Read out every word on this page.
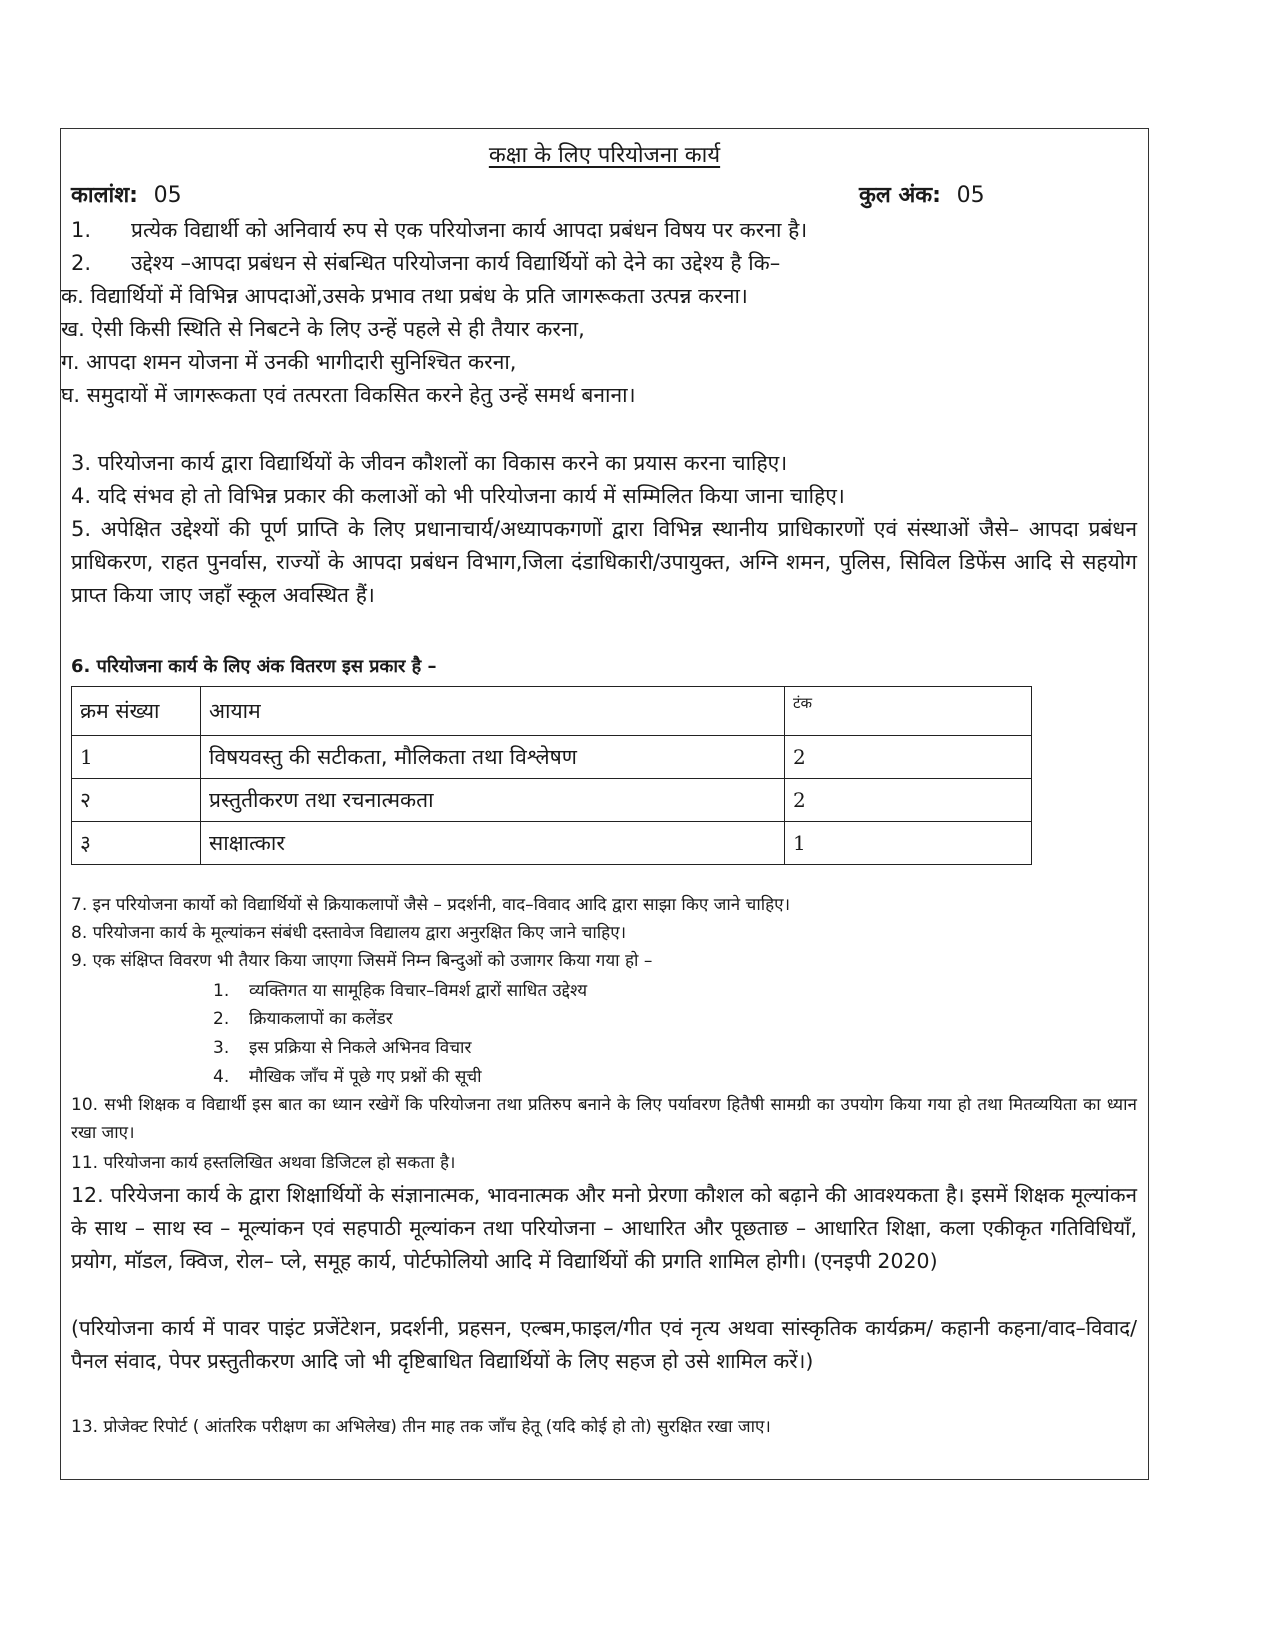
कक्षा के लिए परियोजना कार्य
कालांश: 05	कुल अंक: 05
1. प्रत्येक विद्यार्थी को अनिवार्य रुप से एक परियोजना कार्य आपदा प्रबंधन विषय पर करना है।
2. उद्देश्य –आपदा प्रबंधन से संबन्धित परियोजना कार्य विद्यार्थियों को देने का उद्देश्य है कि–
क. विद्यार्थियों में विभिन्न आपदाओं,उसके प्रभाव तथा प्रबंध के प्रति जागरूकता उत्पन्न करना।
ख. ऐसी किसी स्थिति से निबटने के लिए उन्हें पहले से ही तैयार करना,
ग. आपदा शमन योजना में उनकी भागीदारी सुनिश्चित करना,
घ. समुदायों में जागरूकता एवं तत्परता विकसित करने हेतु उन्हें समर्थ बनाना।
3. परियोजना कार्य द्वारा विद्यार्थियों के जीवन कौशलों का विकास करने का प्रयास करना चाहिए।
4. यदि संभव हो तो विभिन्न प्रकार की कलाओं को भी परियोजना कार्य में सम्मिलित किया जाना चाहिए।
5. अपेक्षित उद्देश्यों की पूर्ण प्राप्ति के लिए प्रधानाचार्य/अध्यापकगणों द्वारा विभिन्न स्थानीय प्राधिकारणों एवं संस्थाओं जैसे– आपदा प्रबंधन प्राधिकरण, राहत पुनर्वास, राज्यों के आपदा प्रबंधन विभाग,जिला दंडाधिकारी/उपायुक्त, अग्नि शमन, पुलिस, सिविल डिफेंस आदि से सहयोग प्राप्त किया जाए जहाँ स्कूल अवस्थित हैं।
6. परियोजना कार्य के लिए अंक वितरण इस प्रकार है –
क्रम संख्या	आयाम	टंक
1	विषयवस्तु की सटीकता, मौलिकता तथा विश्लेषण	2
२	प्रस्तुतीकरण तथा रचनात्मकता	2
३	साक्षात्कार	1
7. इन परियोजना कार्यो को विद्यार्थियों से क्रियाकलापों जैसे – प्रदर्शनी, वाद–विवाद आदि द्वारा साझा किए जाने चाहिए।
8. परियोजना कार्य के मूल्यांकन संबंधी दस्तावेज विद्यालय द्वारा अनुरक्षित किए जाने चाहिए।
9. एक संक्षिप्त विवरण भी तैयार किया जाएगा जिसमें निम्न बिन्दुओं को उजागर किया गया हो –
1. व्यक्तिगत या सामूहिक विचार–विमर्श द्वारों साधित उद्देश्य
2. क्रियाकलापों का कलेंडर
3. इस प्रक्रिया से निकले अभिनव विचार
4. मौखिक जाँच में पूछे गए प्रश्नों की सूची
10. सभी शिक्षक व विद्यार्थी इस बात का ध्यान रखेगें कि परियोजना तथा प्रतिरुप बनाने के लिए पर्यावरण हितैषी सामग्री का उपयोग किया गया हो तथा मितव्ययिता का ध्यान रखा जाए।
11. परियोजना कार्य हस्तलिखित अथवा डिजिटल हो सकता है।
12. परियेजना कार्य के द्वारा शिक्षार्थियों के संज्ञानात्मक, भावनात्मक और मनो प्रेरणा कौशल को बढ़ाने की आवश्यकता है। इसमें शिक्षक मूल्यांकन के साथ – साथ स्व – मूल्यांकन एवं सहपाठी मूल्यांकन तथा परियोजना – आधारित और पूछताछ – आधारित शिक्षा, कला एकीकृत गतिविधियाँ, प्रयोग, मॉडल, क्विज, रोल– प्ले, समूह कार्य, पोर्टफोलियो आदि में विद्यार्थियों की प्रगति शामिल होगी। (एनइपी 2020)
(परियोजना कार्य में पावर पाइंट प्रजेंटेशन, प्रदर्शनी, प्रहसन, एल्बम,फाइल/गीत एवं नृत्य अथवा सांस्कृतिक कार्यक्रम/ कहानी कहना/वाद–विवाद/पैनल संवाद, पेपर प्रस्तुतीकरण आदि जो भी दृष्टिबाधित विद्यार्थियों के लिए सहज हो उसे शामिल करें।)
13. प्रोजेक्ट रिपोर्ट ( आंतरिक परीक्षण का अभिलेख) तीन माह तक जाँच हेतू (यदि कोई हो तो) सुरक्षित रखा जाए।
